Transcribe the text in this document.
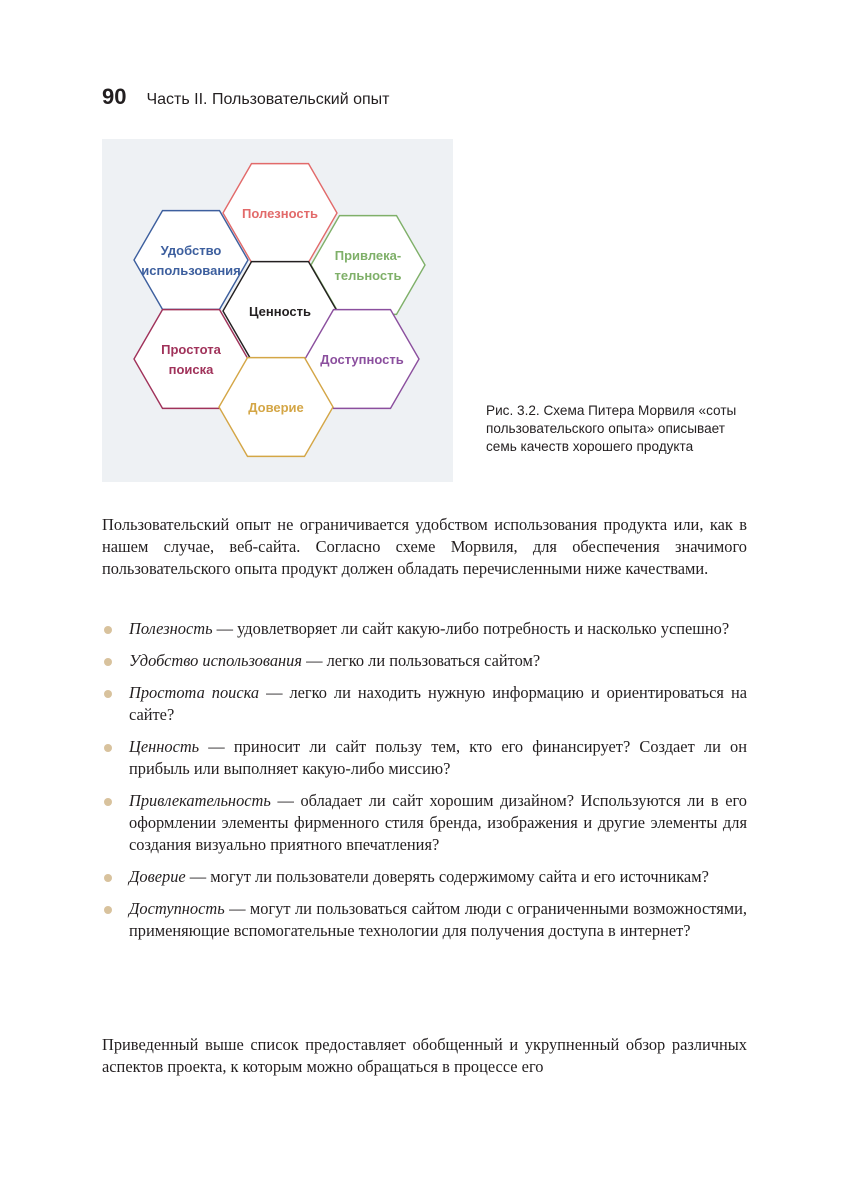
90 Часть II. Пользовательский опыт
Полезность
Удобство
использования
Привлека-
тельность
Ценность
Простота
поиска
Доступность
Доверие	Рис. 3.2. Схема Питера Морвиля «соты пользовательского опыта» описывает семь качеств хорошего продукта
Пользовательский опыт не ограничивается удобством использования продукта или, как в нашем случае, веб-сайта. Согласно схеме Морвиля, для обеспечения значимого пользовательского опыта продукт должен обладать перечисленными ниже качествами.
Полезность — удовлетворяет ли сайт какую-либо потребность и насколько успешно?
Удобство использования — легко ли пользоваться сайтом?
Простота поиска — легко ли находить нужную информацию и ориентироваться на сайте?
Ценность — приносит ли сайт пользу тем, кто его финансирует? Создает ли он прибыль или выполняет какую-либо миссию?
Привлекательность — обладает ли сайт хорошим дизайном? Используются ли в его оформлении элементы фирменного стиля бренда, изображения и другие элементы для создания визуально приятного впечатления?
Доверие — могут ли пользователи доверять содержимому сайта и его источникам?
Доступность — могут ли пользоваться сайтом люди с ограниченными возможностями, применяющие вспомогательные технологии для получения доступа в интернет?
Приведенный выше список предоставляет обобщенный и укрупненный обзор различных аспектов проекта, к которым можно обращаться в процессе его
